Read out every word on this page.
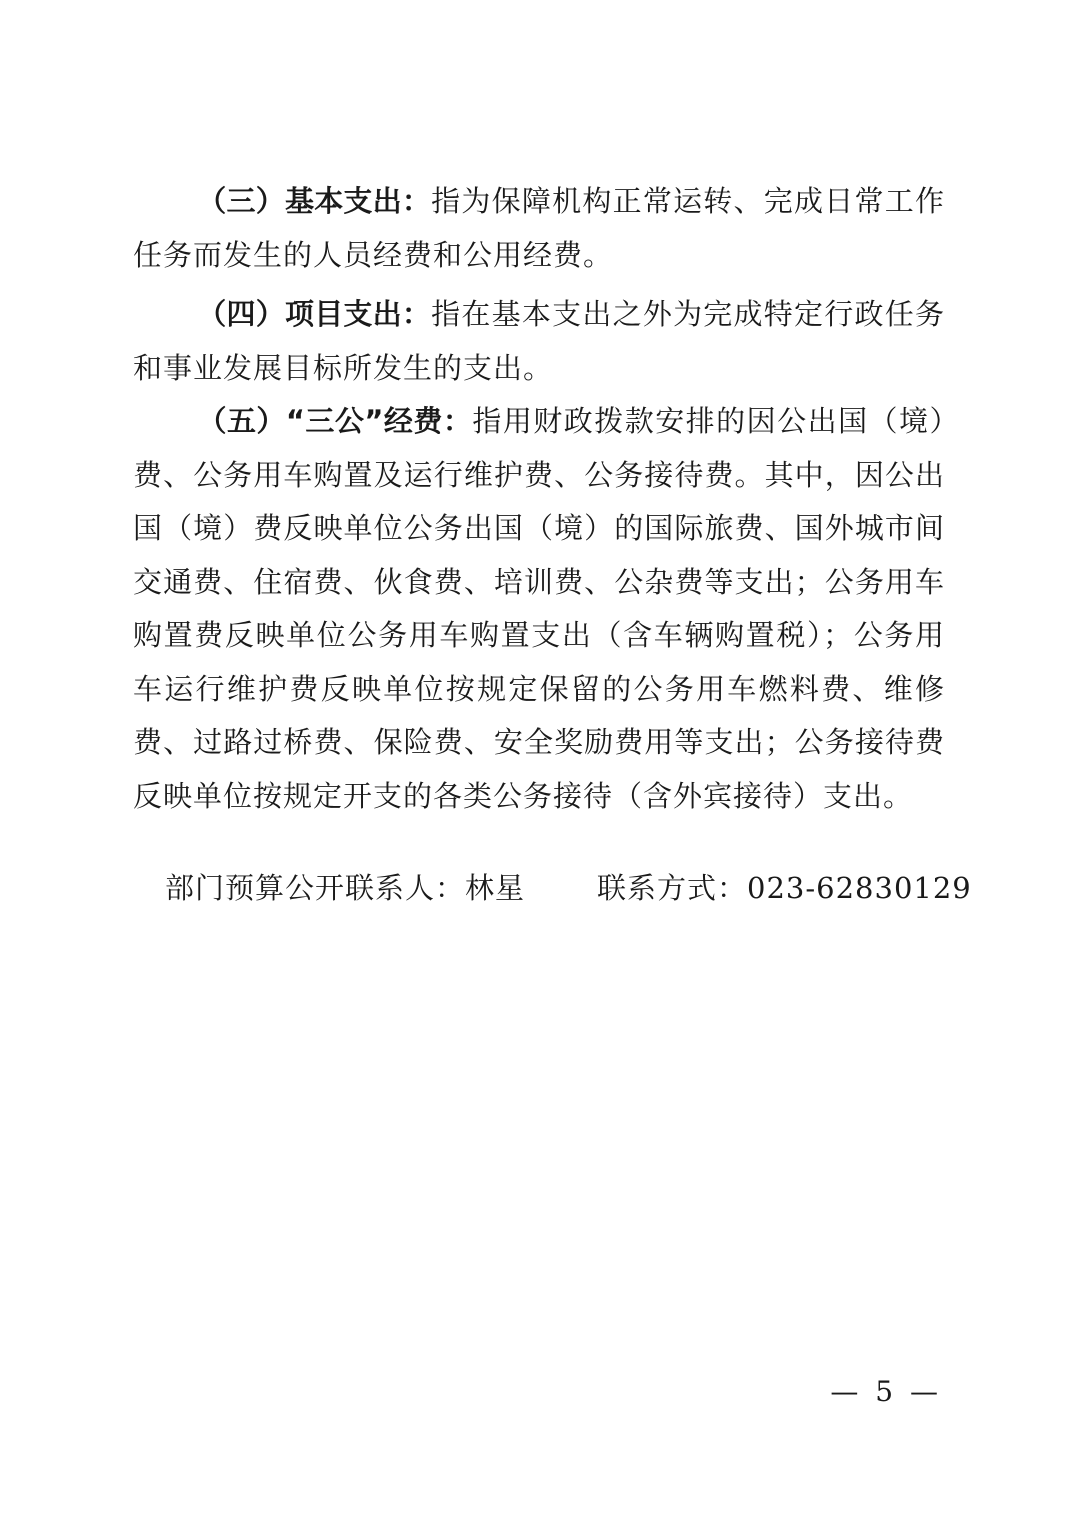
（三）基本支出：指为保障机构正常运转、完成日常工作任务而发生的人员经费和公用经费。

（四）项目支出：指在基本支出之外为完成特定行政任务和事业发展目标所发生的支出。

（五）“三公”经费：指用财政拨款安排的因公出国（境）费、公务用车购置及运行维护费、公务接待费。其中，因公出国（境）费反映单位公务出国（境）的国际旅费、国外城市间交通费、住宿费、伙食费、培训费、公杂费等支出；公务用车购置费反映单位公务用车购置支出（含车辆购置税）；公务用车运行维护费反映单位按规定保留的公务用车燃料费、维修费、过路过桥费、保险费、安全奖励费用等支出；公务接待费反映单位按规定开支的各类公务接待（含外宾接待）支出。

部门预算公开联系人：林星 联系方式：023-62830129
— 5 —
